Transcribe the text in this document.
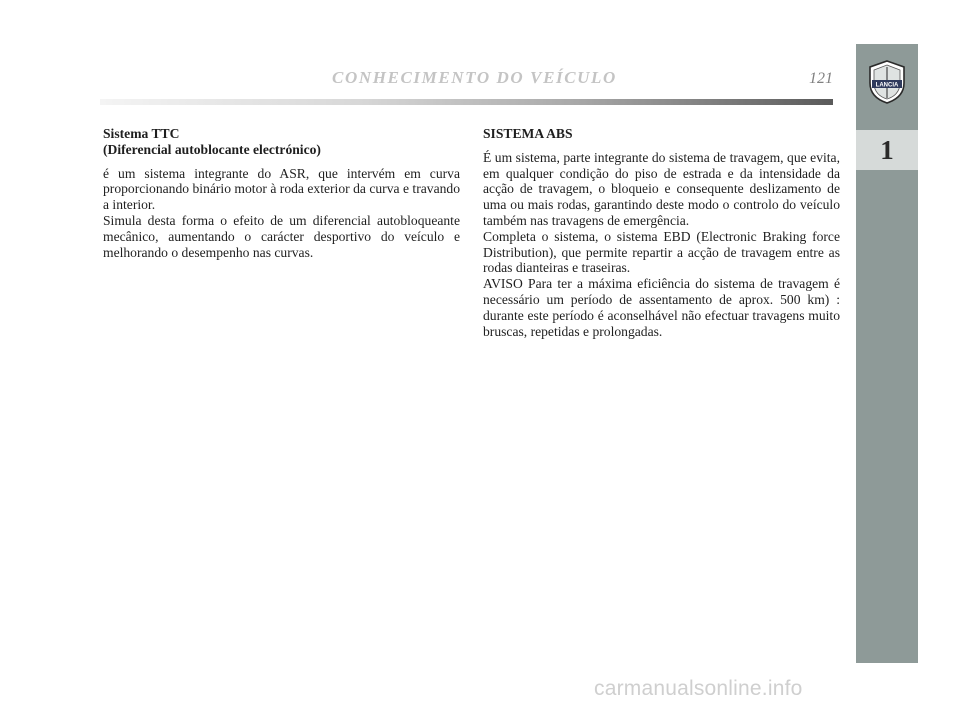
CONHECIMENTO DO VEÍCULO	121	LANCIA
1

Sistema TTC

(Diferencial autoblocante electrónico)

é um sistema integrante do ASR, que intervém em curva proporcionando binário motor à roda exterior da curva e travando a interior.

Simula desta forma o efeito de um diferencial autobloqueante mecânico, aumentando o carácter desportivo do veículo e melhorando o desempenho nas curvas.

SISTEMA ABS

É um sistema, parte integrante do sistema de travagem, que evita, em qualquer condição do piso de estrada e da intensidade da acção de travagem, o bloqueio e consequente deslizamento de uma ou mais rodas, garantindo deste modo o controlo do veículo também nas travagens de emergência.

Completa o sistema, o sistema EBD (Electronic Braking force Distribution), que permite repartir a acção de travagem entre as rodas dianteiras e traseiras.

AVISO Para ter a máxima eficiência do sistema de travagem é necessário um período de assentamento de aprox. 500 km) : durante este período é aconselhável não efectuar travagens muito bruscas, repetidas e prolongadas.

carmanualsonline.info
